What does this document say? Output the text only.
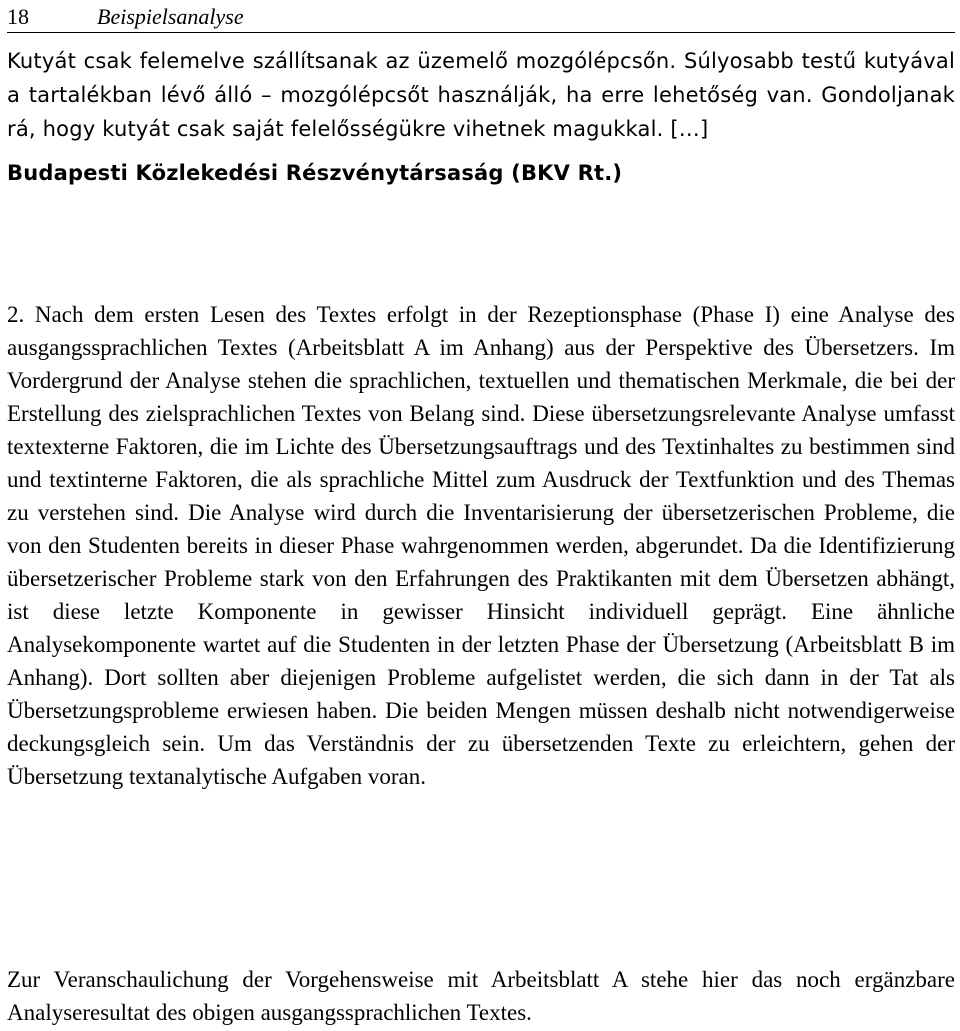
18	Beispielsanalyse

Kutyát csak felemelve szállítsanak az üzemelő mozgólépcsőn. Súlyosabb testű kutyával a tartalékban lévő álló – mozgólépcsőt használják, ha erre lehetőség van. Gondoljanak rá, hogy kutyát csak saját felelősségükre vihetnek magukkal. […]

Budapesti Közlekedési Részvénytársaság (BKV Rt.)

2. Nach dem ersten Lesen des Textes erfolgt in der Rezeptionsphase (Phase I) eine Analyse des ausgangssprachlichen Textes (Arbeitsblatt A im Anhang) aus der Perspektive des Übersetzers. Im Vordergrund der Analyse stehen die sprachlichen, textuellen und thematischen Merkmale, die bei der Erstellung des zielsprachlichen Textes von Belang sind. Diese übersetzungsrelevante Analyse umfasst textexterne Faktoren, die im Lichte des Übersetzungsauftrags und des Textinhaltes zu bestimmen sind und textinterne Faktoren, die als sprachliche Mittel zum Ausdruck der Textfunktion und des Themas zu verstehen sind. Die Analyse wird durch die Inventarisierung der übersetzerischen Probleme, die von den Studenten bereits in dieser Phase wahrgenommen werden, abgerundet. Da die Identifizierung übersetzerischer Probleme stark von den Erfahrungen des Praktikanten mit dem Übersetzen abhängt, ist diese letzte Komponente in gewisser Hinsicht individuell geprägt. Eine ähnliche Analysekomponente wartet auf die Studenten in der letzten Phase der Übersetzung (Arbeitsblatt B im Anhang). Dort sollten aber diejenigen Probleme aufgelistet werden, die sich dann in der Tat als Übersetzungsprobleme erwiesen haben. Die beiden Mengen müssen deshalb nicht notwendigerweise deckungsgleich sein. Um das Verständnis der zu übersetzenden Texte zu erleichtern, gehen der Übersetzung textanalytische Aufgaben voran.

Zur Veranschaulichung der Vorgehensweise mit Arbeitsblatt A stehe hier das noch ergänzbare Analyseresultat des obigen ausgangssprachlichen Textes.
